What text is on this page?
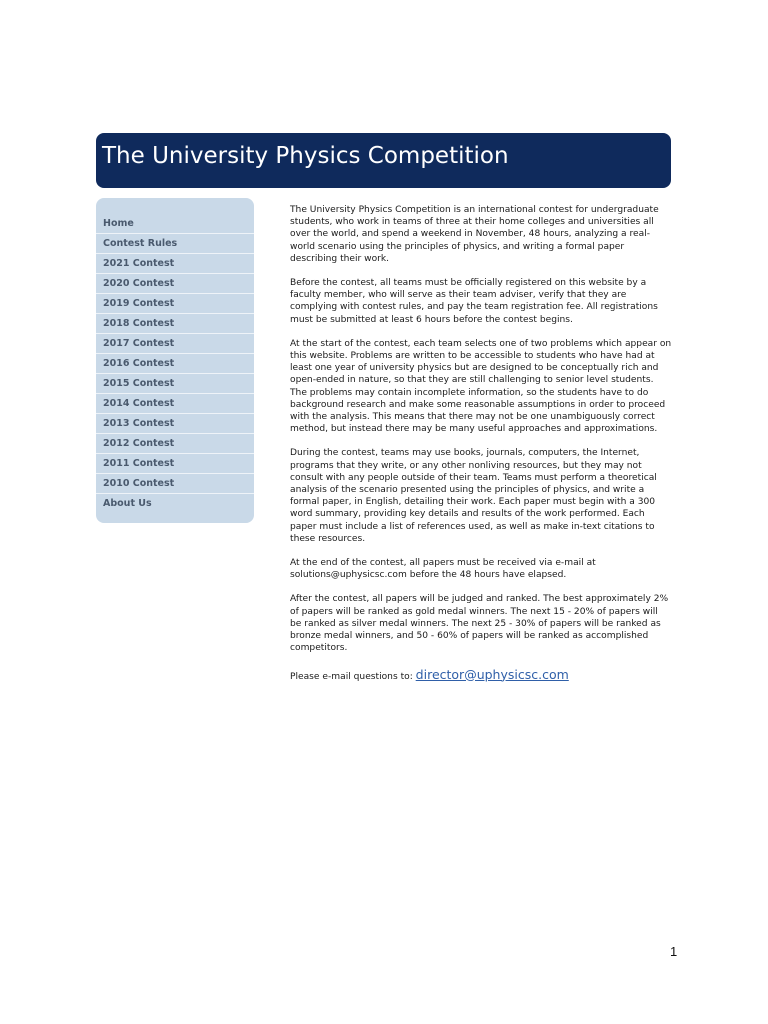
The University Physics Competition
Home
Contest Rules
2021 Contest
2020 Contest
2019 Contest
2018 Contest
2017 Contest
2016 Contest
2015 Contest
2014 Contest
2013 Contest
2012 Contest
2011 Contest
2010 Contest
About Us

The University Physics Competition is an international contest for undergraduate students, who work in teams of three at their home colleges and universities all over the world, and spend a weekend in November, 48 hours, analyzing a real-world scenario using the principles of physics, and writing a formal paper describing their work.

Before the contest, all teams must be officially registered on this website by a faculty member, who will serve as their team adviser, verify that they are complying with contest rules, and pay the team registration fee. All registrations must be submitted at least 6 hours before the contest begins.

At the start of the contest, each team selects one of two problems which appear on this website. Problems are written to be accessible to students who have had at least one year of university physics but are designed to be conceptually rich and open-ended in nature, so that they are still challenging to senior level students. The problems may contain incomplete information, so the students have to do background research and make some reasonable assumptions in order to proceed with the analysis. This means that there may not be one unambiguously correct method, but instead there may be many useful approaches and approximations.

During the contest, teams may use books, journals, computers, the Internet, programs that they write, or any other nonliving resources, but they may not consult with any people outside of their team. Teams must perform a theoretical analysis of the scenario presented using the principles of physics, and write a formal paper, in English, detailing their work. Each paper must begin with a 300 word summary, providing key details and results of the work performed. Each paper must include a list of references used, as well as make in-text citations to these resources.

At the end of the contest, all papers must be received via e-mail at solutions@uphysicsc.com before the 48 hours have elapsed.

After the contest, all papers will be judged and ranked. The best approximately 2% of papers will be ranked as gold medal winners. The next 15 - 20% of papers will be ranked as silver medal winners. The next 25 - 30% of papers will be ranked as bronze medal winners, and 50 - 60% of papers will be ranked as accomplished competitors.

Please e-mail questions to: director@uphysicsc.com

1
